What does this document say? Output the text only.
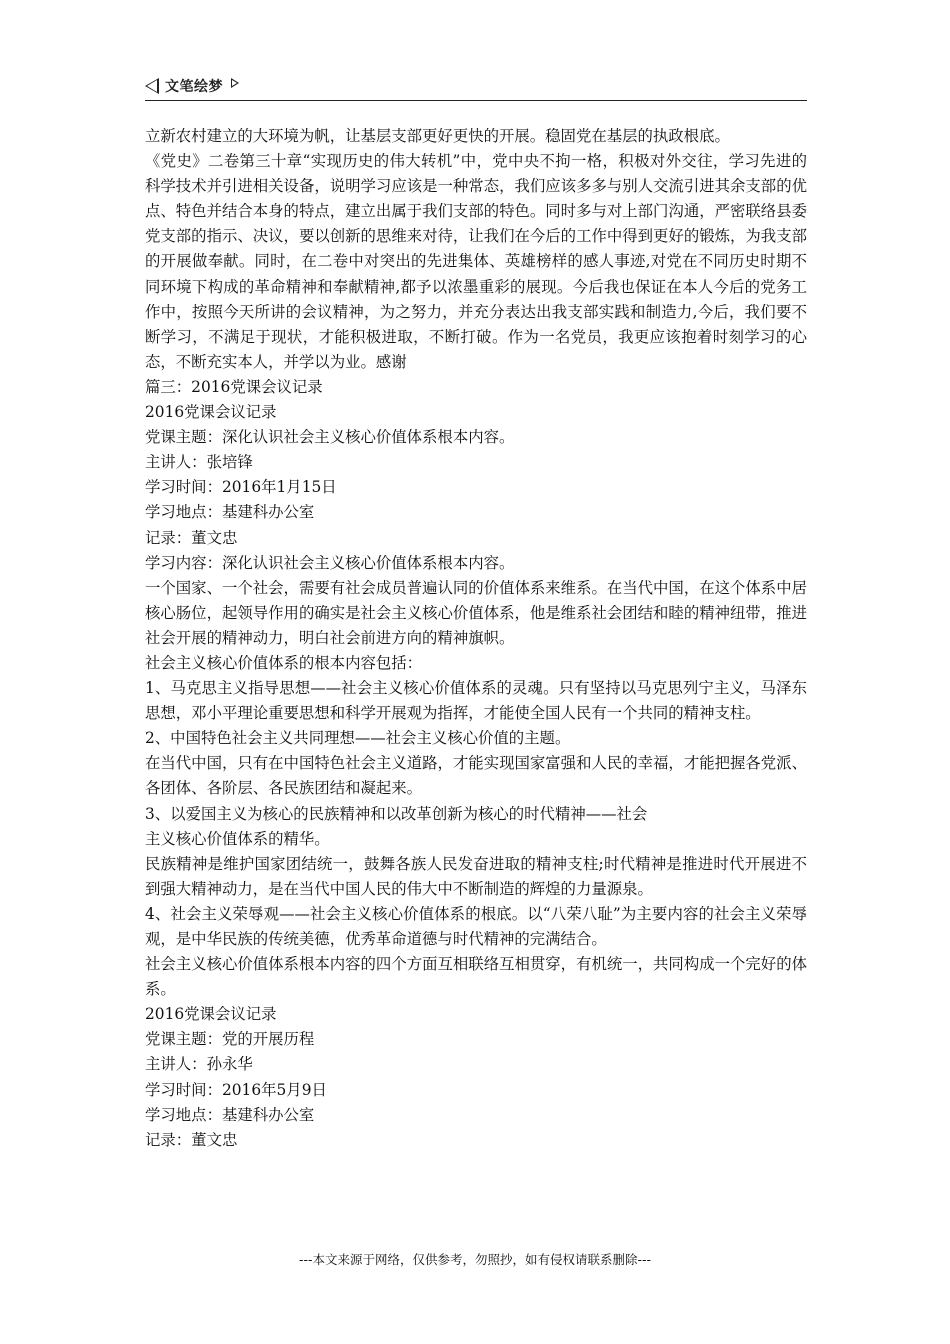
文笔绘梦

立新农村建立的大环境为帆，让基层支部更好更快的开展。稳固党在基层的执政根底。

《党史》二卷第三十章“实现历史的伟大转机”中，党中央不拘一格，积极对外交往，学习先进的科学技术并引进相关设备，说明学习应该是一种常态，我们应该多多与别人交流引进其余支部的优点、特色并结合本身的特点，建立出属于我们支部的特色。同时多与对上部门沟通，严密联络县委党支部的指示、决议，要以创新的思维来对待，让我们在今后的工作中得到更好的锻炼，为我支部的开展做奉献。同时，在二卷中对突出的先进集体、英雄榜样的感人事迹,对党在不同历史时期不同环境下构成的革命精神和奉献精神,都予以浓墨重彩的展现。今后我也保证在本人今后的党务工作中，按照今天所讲的会议精神，为之努力，并充分表达出我支部实践和制造力,今后，我们要不断学习，不满足于现状，才能积极进取，不断打破。作为一名党员，我更应该抱着时刻学习的心态，不断充实本人，并学以为业。感谢

篇三：2016党课会议记录

2016党课会议记录

党课主题：深化认识社会主义核心价值体系根本内容。

主讲人：张培锋

学习时间：2016年1月15日

学习地点：基建科办公室

记录：董文忠

学习内容：深化认识社会主义核心价值体系根本内容。

一个国家、一个社会，需要有社会成员普遍认同的价值体系来维系。在当代中国，在这个体系中居核心肠位，起领导作用的确实是社会主义核心价值体系，他是维系社会团结和睦的精神纽带，推进社会开展的精神动力，明白社会前进方向的精神旗帜。

社会主义核心价值体系的根本内容包括：

1、马克思主义指导思想——社会主义核心价值体系的灵魂。只有坚持以马克思列宁主义，马泽东思想，邓小平理论重要思想和科学开展观为指挥，才能使全国人民有一个共同的精神支柱。

2、中国特色社会主义共同理想——社会主义核心价值的主题。

在当代中国，只有在中国特色社会主义道路，才能实现国家富强和人民的幸福，才能把握各党派、各团体、各阶层、各民族团结和凝起来。

3、以爱国主义为核心的民族精神和以改革创新为核心的时代精神——社会

主义核心价值体系的精华。

民族精神是维护国家团结统一，鼓舞各族人民发奋进取的精神支柱;时代精神是推进时代开展进不到强大精神动力，是在当代中国人民的伟大中不断制造的辉煌的力量源泉。

4、社会主义荣辱观——社会主义核心价值体系的根底。以“八荣八耻”为主要内容的社会主义荣辱观，是中华民族的传统美德，优秀革命道德与时代精神的完满结合。

社会主义核心价值体系根本内容的四个方面互相联络互相贯穿，有机统一，共同构成一个完好的体系。

2016党课会议记录

党课主题：党的开展历程

主讲人：孙永华

学习时间：2016年5月9日

学习地点：基建科办公室

记录：董文忠

---本文来源于网络，仅供参考，勿照抄，如有侵权请联系删除---
